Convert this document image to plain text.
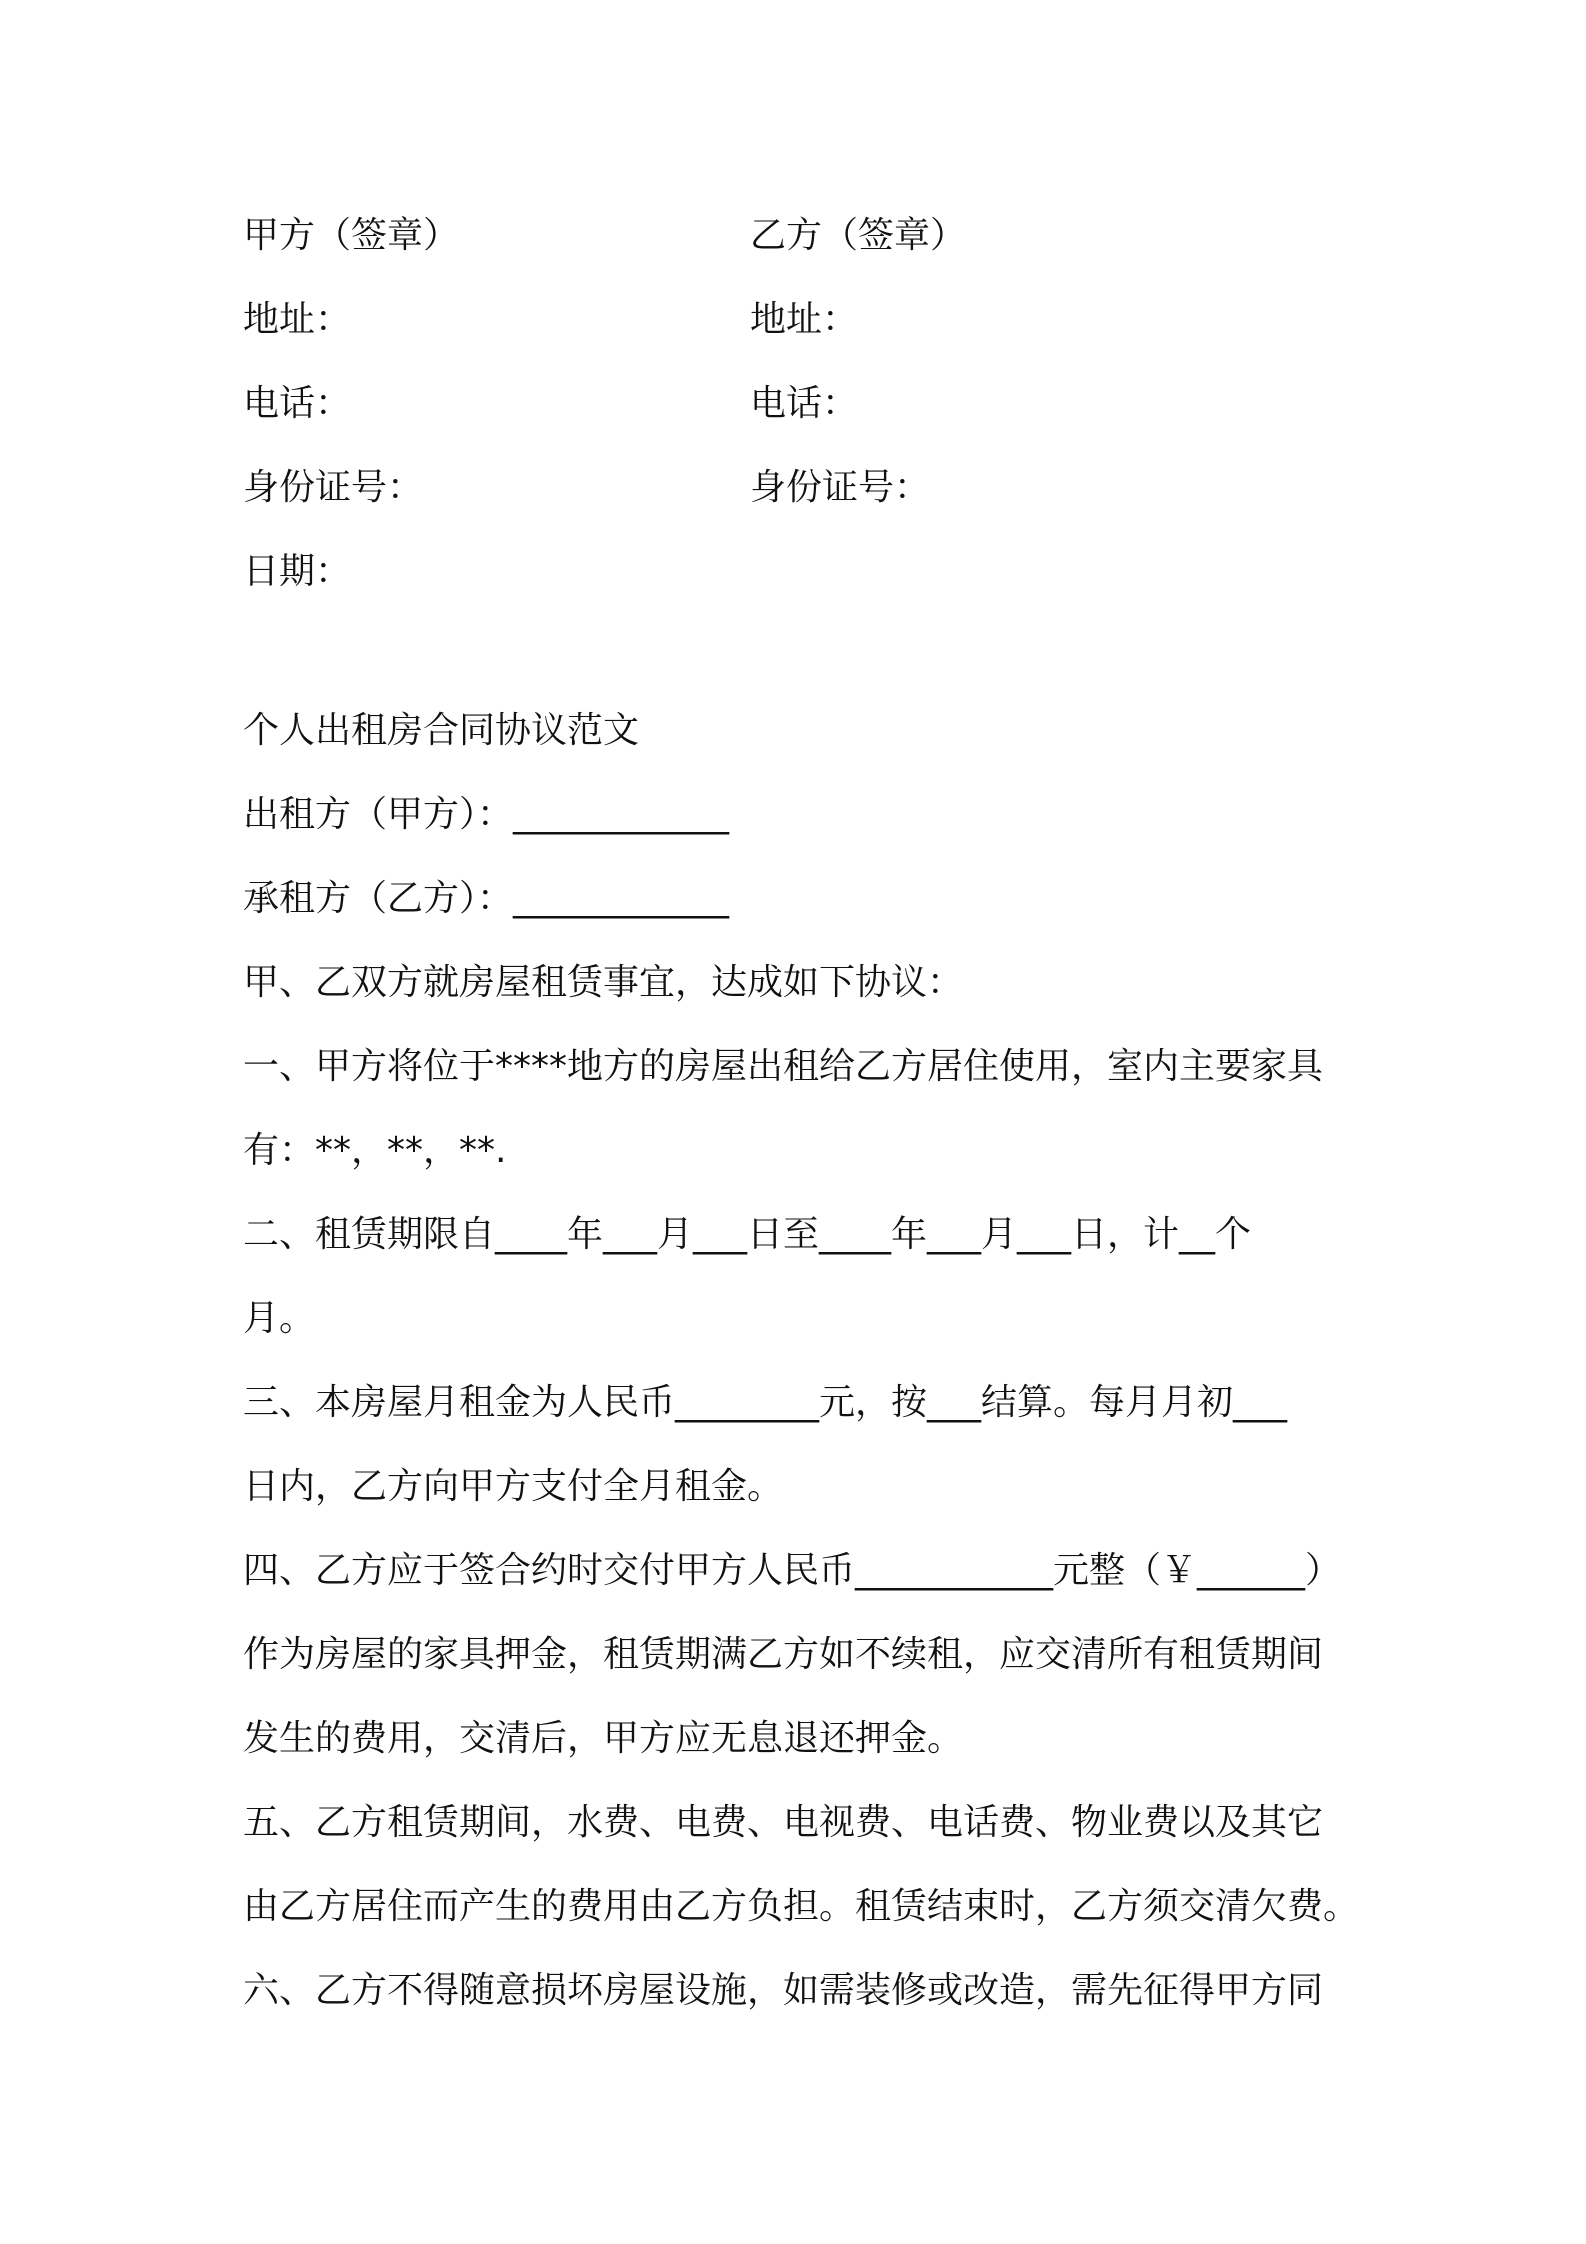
甲方（签章）	乙方（签章）
地址：	地址：
电话：	电话：
身份证号：	身份证号：
日期：
个人出租房合同协议范文
出租方（甲方）：____________
承租方（乙方）：____________
甲、乙双方就房屋租赁事宜，达成如下协议：
一、甲方将位于****地方的房屋出租给乙方居住使用，室内主要家具
有：**，**，**.
二、租赁期限自____年___月___日至____年___月___日，计__个
月。
三、本房屋月租金为人民币________元，按___结算。每月月初___
日内，乙方向甲方支付全月租金。
四、乙方应于签合约时交付甲方人民币___________元整（￥______）
作为房屋的家具押金，租赁期满乙方如不续租，应交清所有租赁期间
发生的费用，交清后，甲方应无息退还押金。
五、乙方租赁期间，水费、电费、电视费、电话费、物业费以及其它
由乙方居住而产生的费用由乙方负担。租赁结束时，乙方须交清欠费。
六、乙方不得随意损坏房屋设施，如需装修或改造，需先征得甲方同
